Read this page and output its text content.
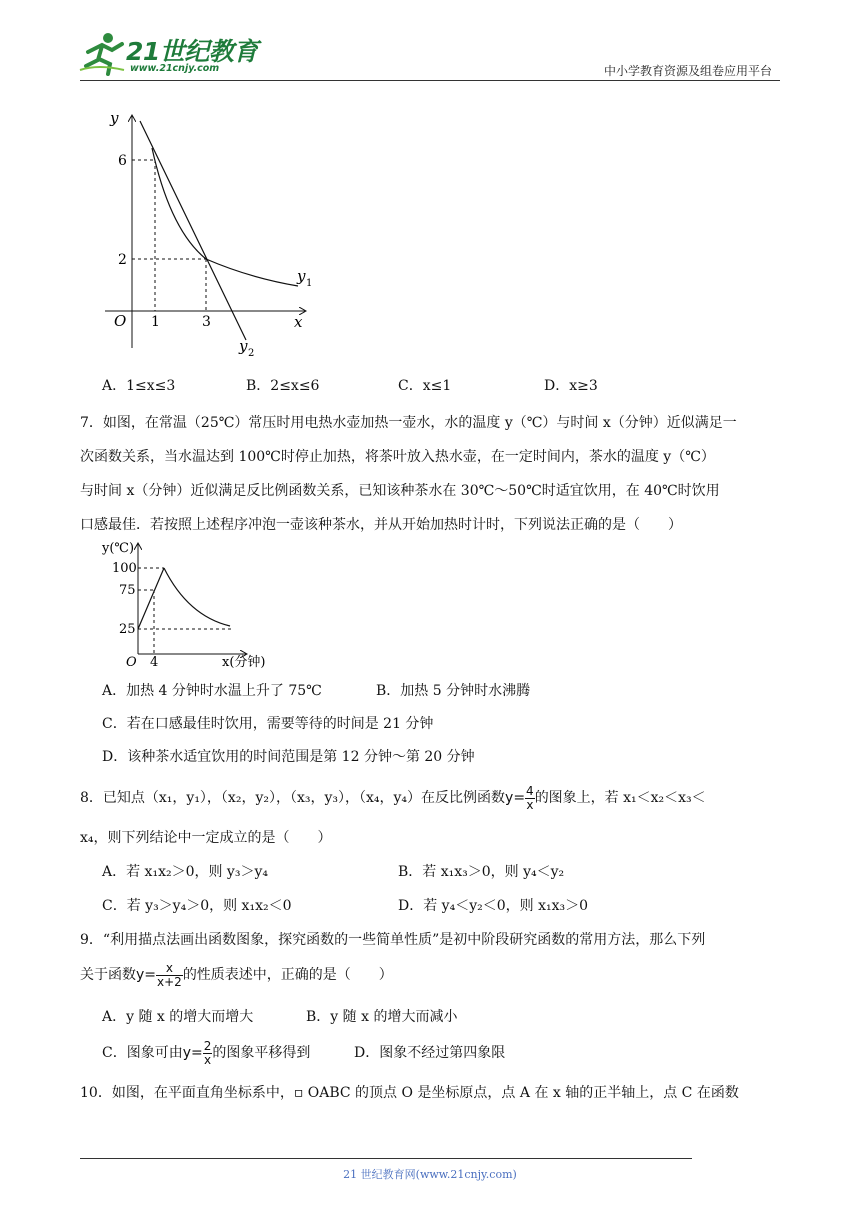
21世纪教育
www.21cnjy.com	中小学教育资源及组卷应用平台
y
x
O
6
2
1	3
y 1
y 2
A．1≤x≤3	B．2≤x≤6	C．x≤1	D．x≥3
7．如图，在常温（25℃）常压时用电热水壶加热一壶水，水的温度 y（℃）与时间 x（分钟）近似满足一
次函数关系，当水温达到 100℃时停止加热，将茶叶放入热水壶，在一定时间内，茶水的温度 y（℃）
与时间 x（分钟）近似满足反比例函数关系，已知该种茶水在 30℃～50℃时适宜饮用，在 40℃时饮用
口感最佳．若按照上述程序冲泡一壶该种茶水，并从开始加热时计时，下列说法正确的是（　　）
y(℃)
x(分钟)
O
100
75
25
4
A．加热 4 分钟时水温上升了 75℃	B．加热 5 分钟时水沸腾
C．若在口感最佳时饮用，需要等待的时间是 21 分钟
D．该种茶水适宜饮用的时间范围是第 12 分钟～第 20 分钟
8．已知点（x₁，y₁），（x₂，y₂），（x₃，y₃），（x₄，y₄）在反比例函数$y= \frac{4}{x}$ 的图象上，若 x₁＜x₂＜x₃＜
x₄，则下列结论中一定成立的是（　　）
A．若 x₁x₂＞0，则 y₃＞y₄	B．若 x₁x₃＞0，则 y₄＜y₂
C．若 y₃＞y₄＞0，则 x₁x₂＜0	D．若 y₄＜y₂＜0，则 x₁x₃＞0
9．“利用描点法画出函数图象，探究函数的一些简单性质”是初中阶段研究函数的常用方法，那么下列
关于函数$y= \frac{x}{x+2}$ 的性质表述中，正确的是（　　）
A．y 随 x 的增大而增大	B．y 随 x 的增大而减小
C．图象可由$y= \frac{2}{x}$ 的图象平移得到	D．图象不经过第四象限
10．如图，在平面直角坐标系中，▫ OABC 的顶点 O 是坐标原点，点 A 在 x 轴的正半轴上，点 C 在函数
21 世纪教育网(www.21cnjy.com)
